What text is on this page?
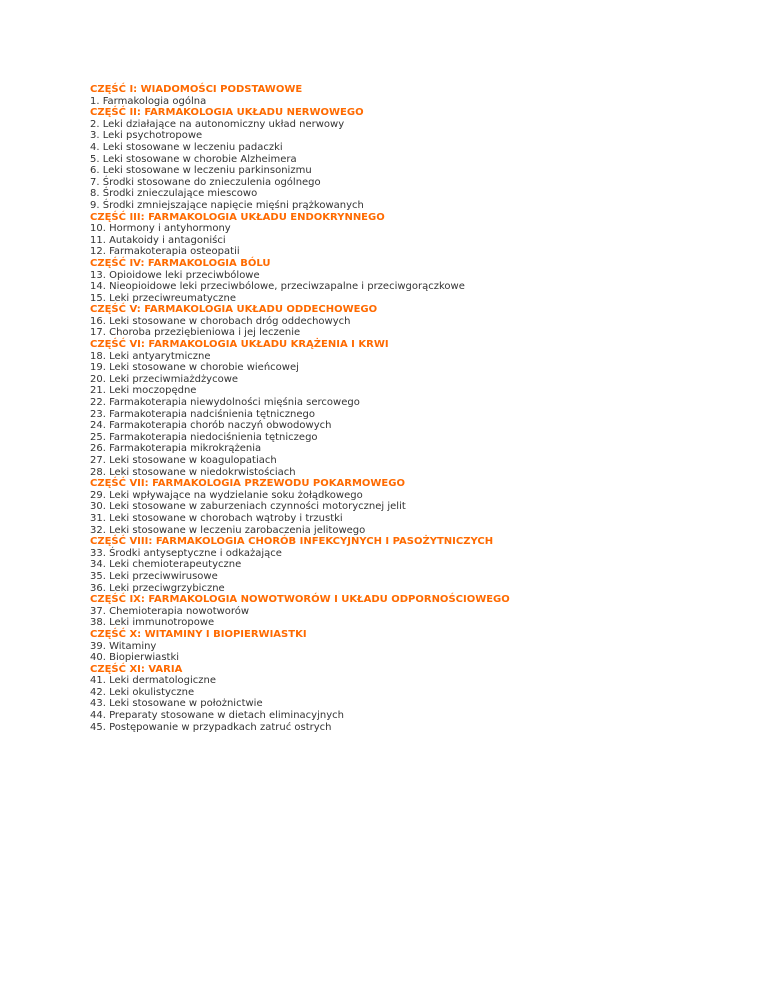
CZĘŚĆ I: WIADOMOŚCI PODSTAWOWE
1. Farmakologia ogólna
CZĘŚĆ II: FARMAKOLOGIA UKŁADU NERWOWEGO
2. Leki działające na autonomiczny układ nerwowy
3. Leki psychotropowe
4. Leki stosowane w leczeniu padaczki
5. Leki stosowane w chorobie Alzheimera
6. Leki stosowane w leczeniu parkinsonizmu
7. Środki stosowane do znieczulenia ogólnego
8. Środki znieczulające miescowo
9. Środki zmniejszające napięcie mięśni prążkowanych
CZĘŚĆ III: FARMAKOLOGIA UKŁADU ENDOKRYNNEGO
10. Hormony i antyhormony
11. Autakoidy i antagoniści
12. Farmakoterapia osteopatii
CZĘŚĆ IV: FARMAKOLOGIA BÓLU
13. Opioidowe leki przeciwbólowe
14. Nieopioidowe leki przeciwbólowe, przeciwzapalne i przeciwgorączkowe
15. Leki przeciwreumatyczne
CZĘŚĆ V: FARMAKOLOGIA UKŁADU ODDECHOWEGO
16. Leki stosowane w chorobach dróg oddechowych
17. Choroba przeziębieniowa i jej leczenie
CZĘŚĆ VI: FARMAKOLOGIA UKŁADU KRĄŻENIA I KRWI
18. Leki antyarytmiczne
19. Leki stosowane w chorobie wieńcowej
20. Leki przeciwmiażdżycowe
21. Leki moczopędne
22. Farmakoterapia niewydolności mięśnia sercowego
23. Farmakoterapia nadciśnienia tętnicznego
24. Farmakoterapia chorób naczyń obwodowych
25. Farmakoterapia niedociśnienia tętniczego
26. Farmakoterapia mikrokrążenia
27. Leki stosowane w koagulopatiach
28. Leki stosowane w niedokrwistościach
CZĘŚĆ VII: FARMAKOLOGIA PRZEWODU POKARMOWEGO
29. Leki wpływające na wydzielanie soku żołądkowego
30. Leki stosowane w zaburzeniach czynności motorycznej jelit
31. Leki stosowane w chorobach wątroby i trzustki
32. Leki stosowane w leczeniu zarobaczenia jelitowego
CZĘŚĆ VIII: FARMAKOLOGIA CHORÓB INFEKCYJNYCH I PASOŻYTNICZYCH
33. Środki antyseptyczne i odkażające
34. Leki chemioterapeutyczne
35. Leki przeciwwirusowe
36. Leki przeciwgrzybiczne
CZĘŚĆ IX: FARMAKOLOGIA NOWOTWORÓW I UKŁADU ODPORNOŚCIOWEGO
37. Chemioterapia nowotworów
38. Leki immunotropowe
CZĘŚĆ X: WITAMINY I BIOPIERWIASTKI
39. Witaminy
40. Biopierwiastki
CZĘŚĆ XI: VARIA
41. Leki dermatologiczne
42. Leki okulistyczne
43. Leki stosowane w położnictwie
44. Preparaty stosowane w dietach eliminacyjnych
45. Postępowanie w przypadkach zatruć ostrych
